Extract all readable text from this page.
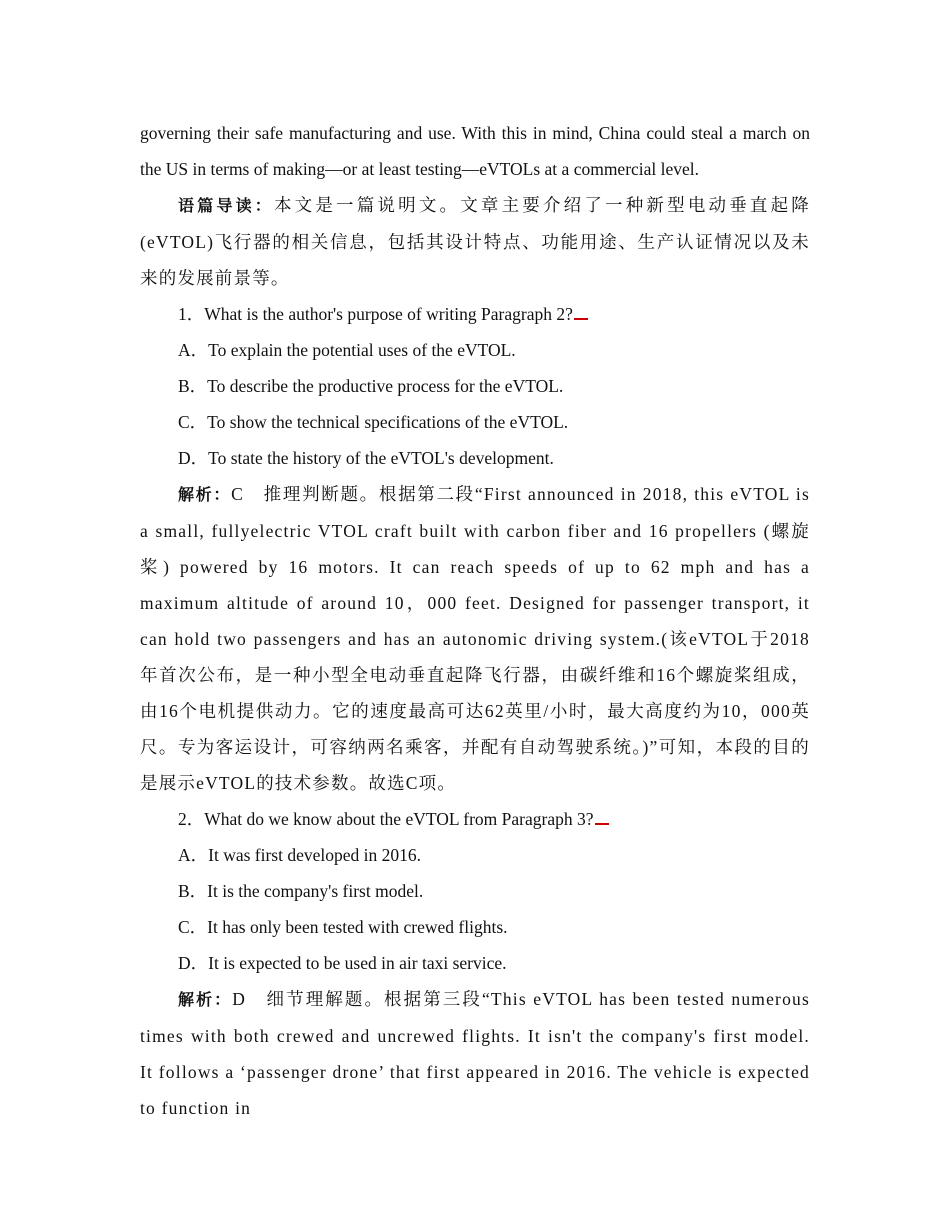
governing their safe manufacturing and use. With this in mind, China could steal a march on the US in terms of making—or at least testing—eVTOLs at a commercial level.

语篇导读：本文是一篇说明文。文章主要介绍了一种新型电动垂直起降(eVTOL)飞行器的相关信息，包括其设计特点、功能用途、生产认证情况以及未来的发展前景等。

1．What is the author's purpose of writing Paragraph 2?

A．To explain the potential uses of the eVTOL.

B．To describe the productive process for the eVTOL.

C．To show the technical specifications of the eVTOL.

D．To state the history of the eVTOL's development.

解析：C　推理判断题。根据第二段“First announced in 2018, this eVTOL is a small, fullyelectric VTOL craft built with carbon fiber and 16 propellers (螺旋桨) powered by 16 motors. It can reach speeds of up to 62 mph and has a maximum altitude of around 10，000 feet. Designed for passenger transport, it can hold two passengers and has an autonomic driving system.(该eVTOL于2018年首次公布，是一种小型全电动垂直起降飞行器，由碳纤维和16个螺旋桨组成，由16个电机提供动力。它的速度最高可达62英里/小时，最大高度约为10，000英尺。专为客运设计，可容纳两名乘客，并配有自动驾驶系统。)”可知，本段的目的是展示eVTOL的技术参数。故选C项。

2．What do we know about the eVTOL from Paragraph 3?

A．It was first developed in 2016.

B．It is the company's first model.

C．It has only been tested with crewed flights.

D．It is expected to be used in air taxi service.

解析：D　细节理解题。根据第三段“This eVTOL has been tested numerous times with both crewed and uncrewed flights. It isn't the company's first model. It follows a ‘passenger drone’ that first appeared in 2016. The vehicle is expected to function in
